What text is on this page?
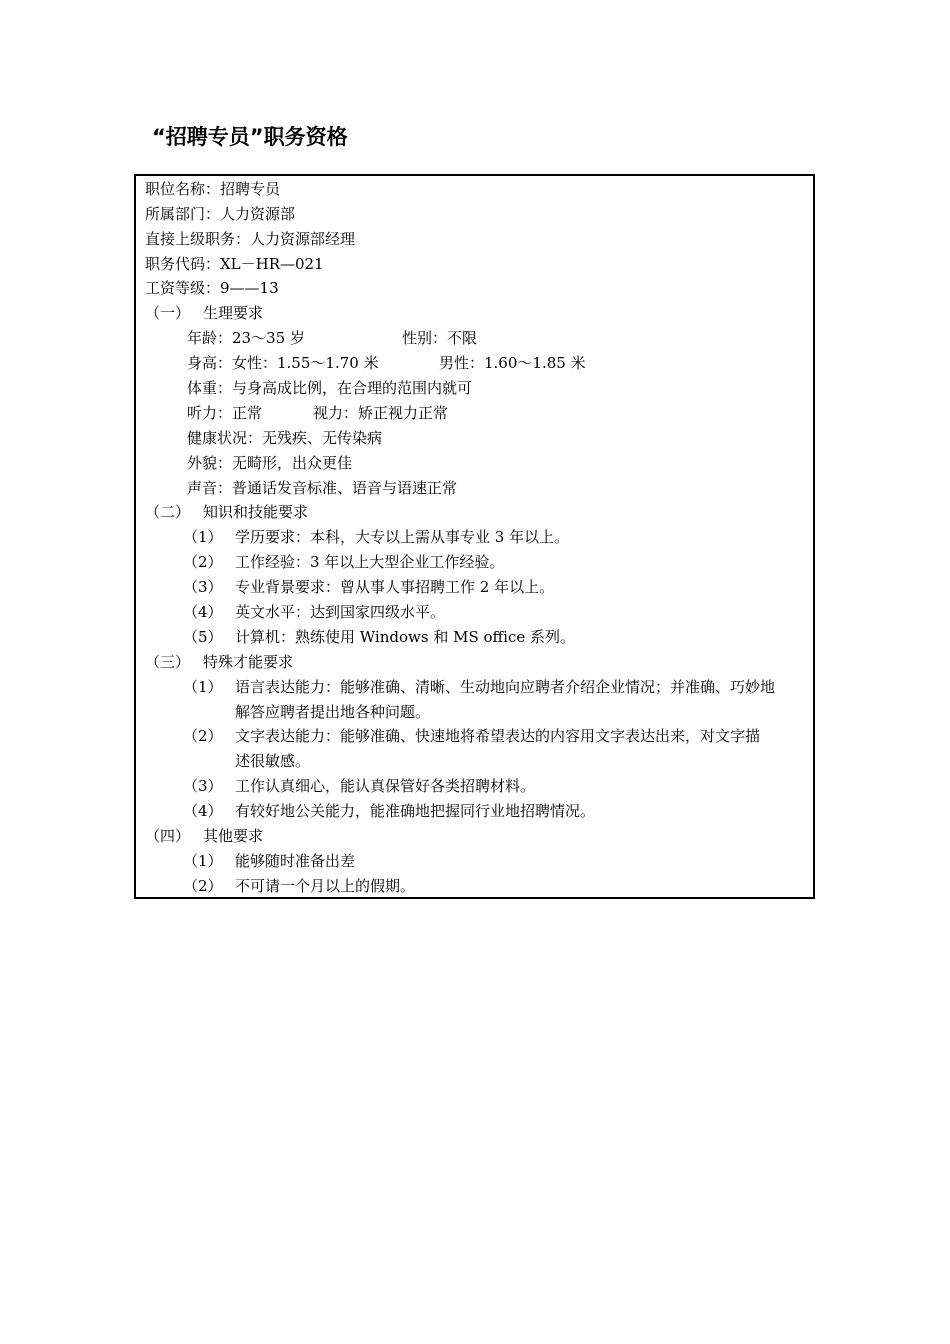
“招聘专员”职务资格
职位名称：招聘专员
所属部门：人力资源部
直接上级职务：人力资源部经理
职务代码：XL－HR—021
工资等级：9——13
（一） 生理要求
年龄：23～35 岁	性别：不限
身高：女性：1.55～1.70 米	男性：1.60～1.85 米
体重：与身高成比例，在合理的范围内就可
听力：正常	视力：矫正视力正常
健康状况：无残疾、无传染病
外貌：无畸形，出众更佳
声音：普通话发音标准、语音与语速正常
（二） 知识和技能要求
（1） 学历要求：本科，大专以上需从事专业 3 年以上。
（2） 工作经验：3 年以上大型企业工作经验。
（3） 专业背景要求：曾从事人事招聘工作 2 年以上。
（4） 英文水平：达到国家四级水平。
（5） 计算机：熟练使用 Windows 和 MS office 系列。
（三） 特殊才能要求
（1） 语言表达能力：能够准确、清晰、生动地向应聘者介绍企业情况；并准确、巧妙地
解答应聘者提出地各种问题。
（2） 文字表达能力：能够准确、快速地将希望表达的内容用文字表达出来，对文字描
述很敏感。
（3） 工作认真细心，能认真保管好各类招聘材料。
（4） 有较好地公关能力，能准确地把握同行业地招聘情况。
（四） 其他要求
（1） 能够随时准备出差
（2） 不可请一个月以上的假期。
